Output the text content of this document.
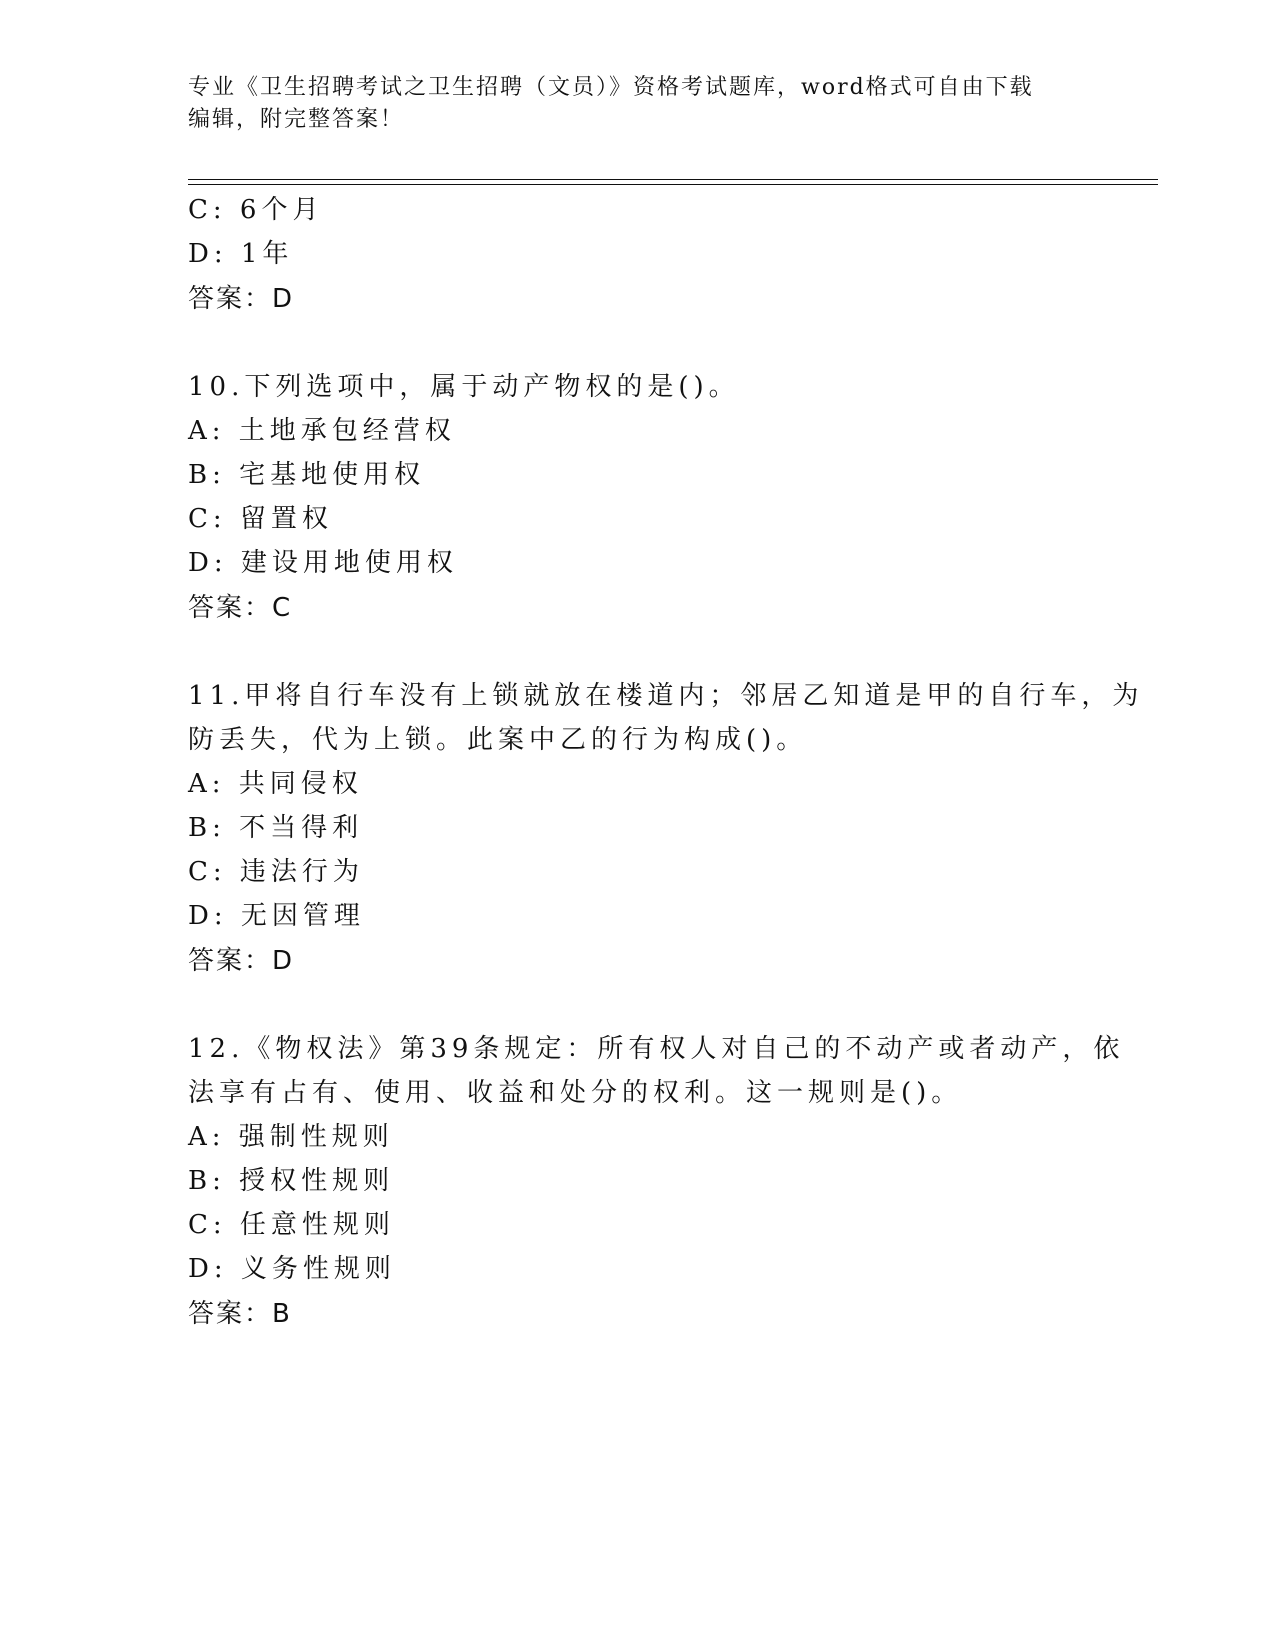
专业《卫生招聘考试之卫生招聘（文员）》资格考试题库，word格式可自由下载
编辑，附完整答案！
C: 6个月
D: 1年
答案：D
10.下列选项中，属于动产物权的是()。
A: 土地承包经营权
B: 宅基地使用权
C: 留置权
D: 建设用地使用权
答案：C
11.甲将自行车没有上锁就放在楼道内；邻居乙知道是甲的自行车，为
防丢失，代为上锁。此案中乙的行为构成()。
A: 共同侵权
B: 不当得利
C: 违法行为
D: 无因管理
答案：D
12.《物权法》第39条规定：所有权人对自己的不动产或者动产，依
法享有占有、使用、收益和处分的权利。这一规则是()。
A: 强制性规则
B: 授权性规则
C: 任意性规则
D: 义务性规则
答案：B
